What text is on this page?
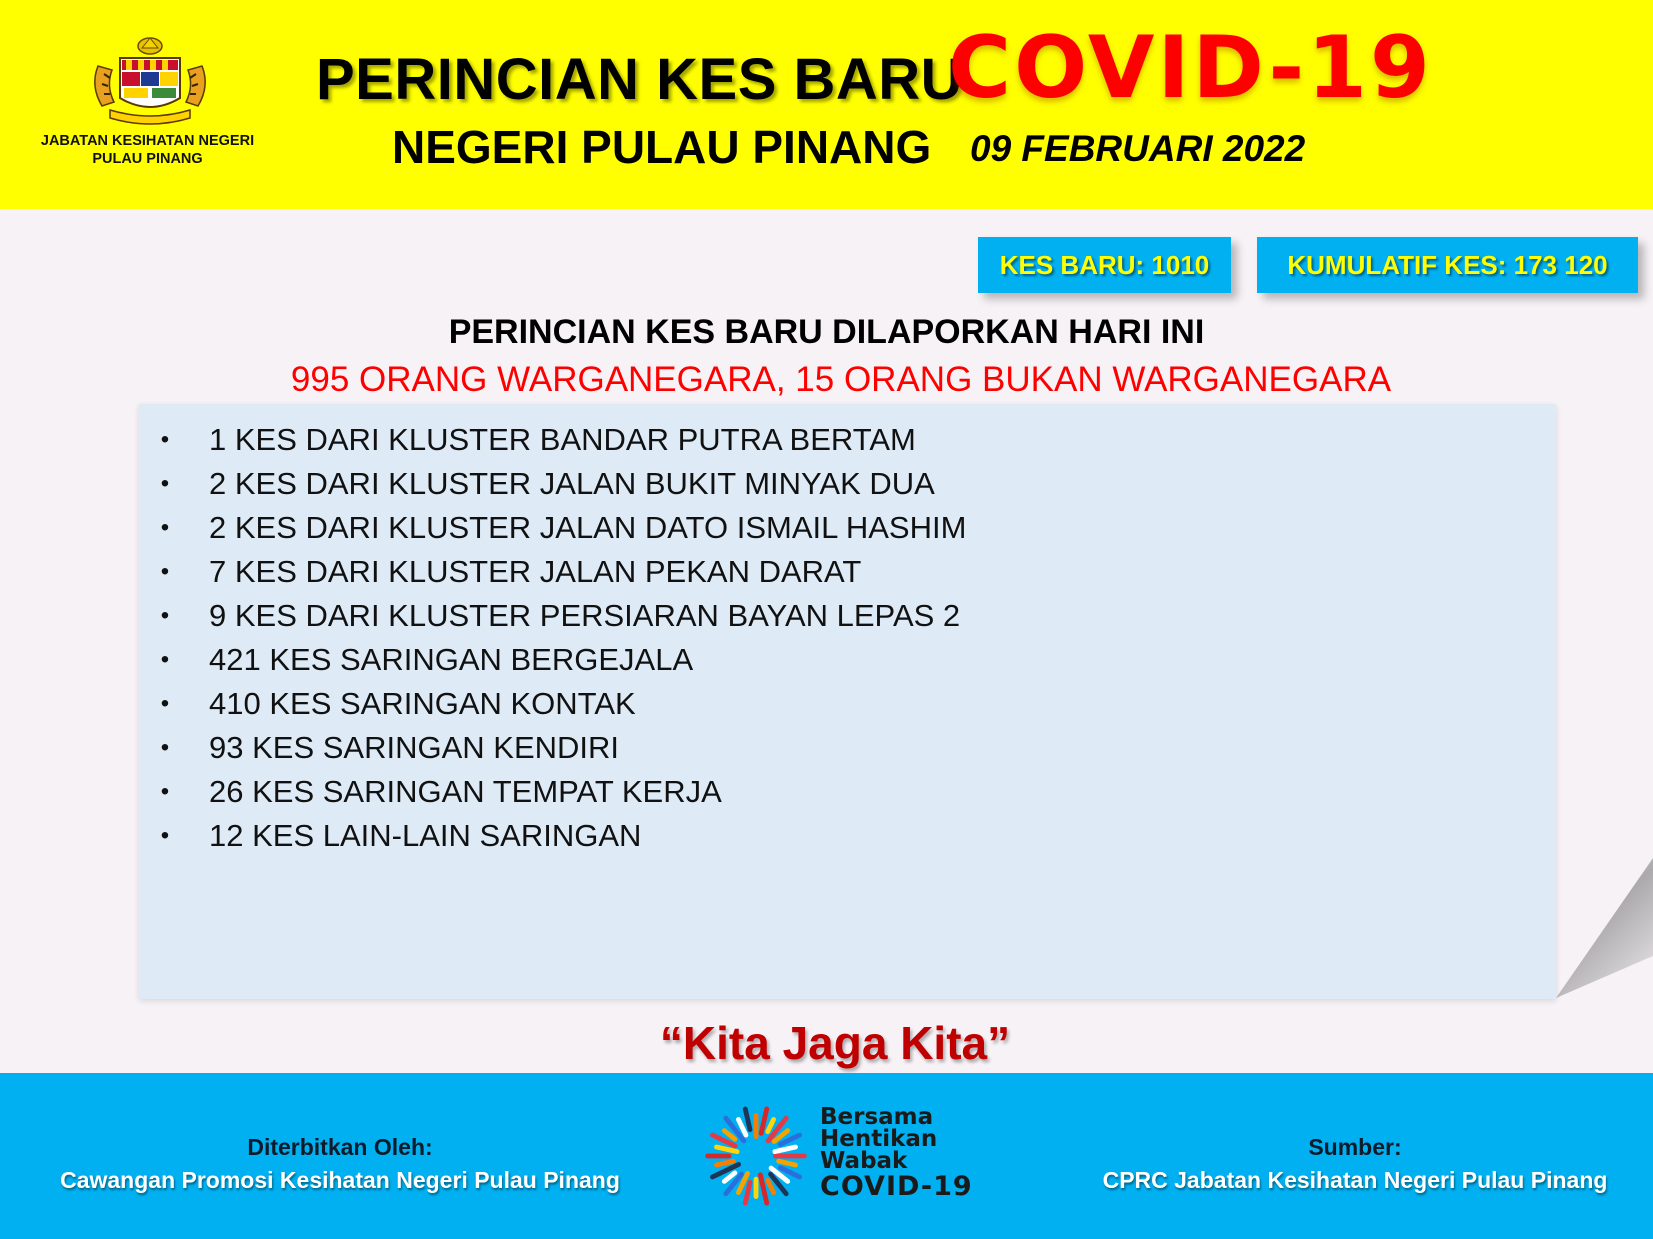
JABATAN KESIHATAN NEGERI PULAU PINANG
PERINCIAN KES BARU
COVID-19
NEGERI PULAU PINANG 09 FEBRUARI 2022
KES BARU: 1010	KUMULATIF KES: 173 120
PERINCIAN KES BARU DILAPORKAN HARI INI
995 ORANG WARGANEGARA, 15 ORANG BUKAN WARGANEGARA
• 1 KES DARI KLUSTER BANDAR PUTRA BERTAM
• 2 KES DARI KLUSTER JALAN BUKIT MINYAK DUA
• 2 KES DARI KLUSTER JALAN DATO ISMAIL HASHIM
• 7 KES DARI KLUSTER JALAN PEKAN DARAT
• 9 KES DARI KLUSTER PERSIARAN BAYAN LEPAS 2
• 421 KES SARINGAN BERGEJALA
• 410 KES SARINGAN KONTAK
• 93 KES SARINGAN KENDIRI
• 26 KES SARINGAN TEMPAT KERJA
• 12 KES LAIN-LAIN SARINGAN
“Kita Jaga Kita”
Diterbitkan Oleh:
Cawangan Promosi Kesihatan Negeri Pulau Pinang
Bersama
Hentikan
Wabak
COVID-19
Sumber:
CPRC Jabatan Kesihatan Negeri Pulau Pinang
